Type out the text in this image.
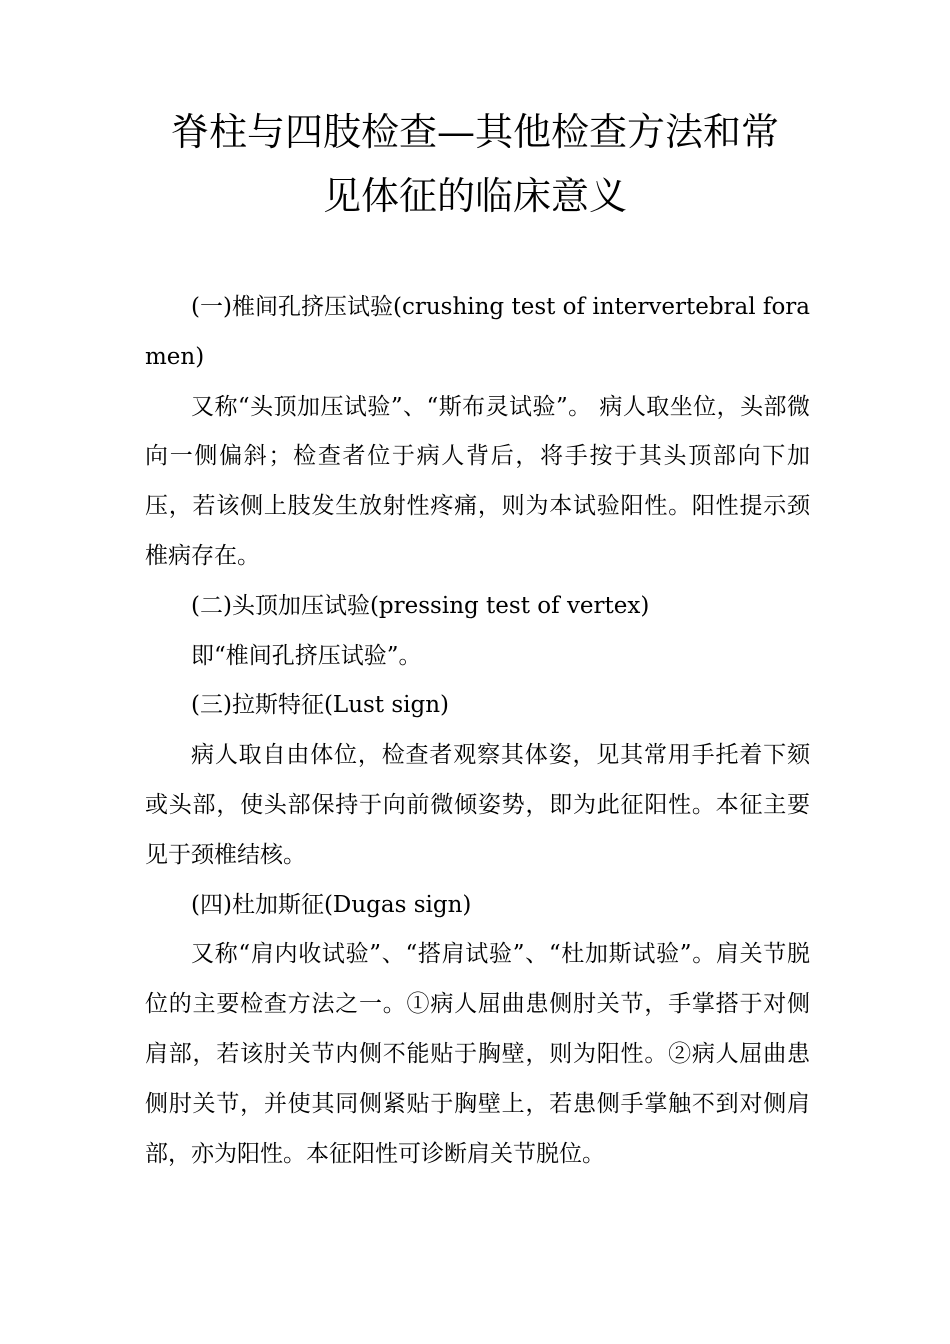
脊柱与四肢检查—其他检查方法和常
见体征的临床意义

(一)椎间孔挤压试验(crushing test of intervertebral foramen)

又称“头顶加压试验”、“斯布灵试验”。 病人取坐位，头部微向一侧偏斜；检查者位于病人背后，将手按于其头顶部向下加压，若该侧上肢发生放射性疼痛，则为本试验阳性。阳性提示颈椎病存在。

(二)头顶加压试验(pressing test of vertex)

即“椎间孔挤压试验”。

(三)拉斯特征(Lust sign)

病人取自由体位，检查者观察其体姿，见其常用手托着下颏或头部，使头部保持于向前微倾姿势，即为此征阳性。本征主要见于颈椎结核。

(四)杜加斯征(Dugas sign)

又称“肩内收试验”、“搭肩试验”、“杜加斯试验”。肩关节脱位的主要检查方法之一。①病人屈曲患侧肘关节，手掌搭于对侧肩部，若该肘关节内侧不能贴于胸壁，则为阳性。②病人屈曲患侧肘关节，并使其同侧紧贴于胸壁上，若患侧手掌触不到对侧肩部，亦为阳性。本征阳性可诊断肩关节脱位。
